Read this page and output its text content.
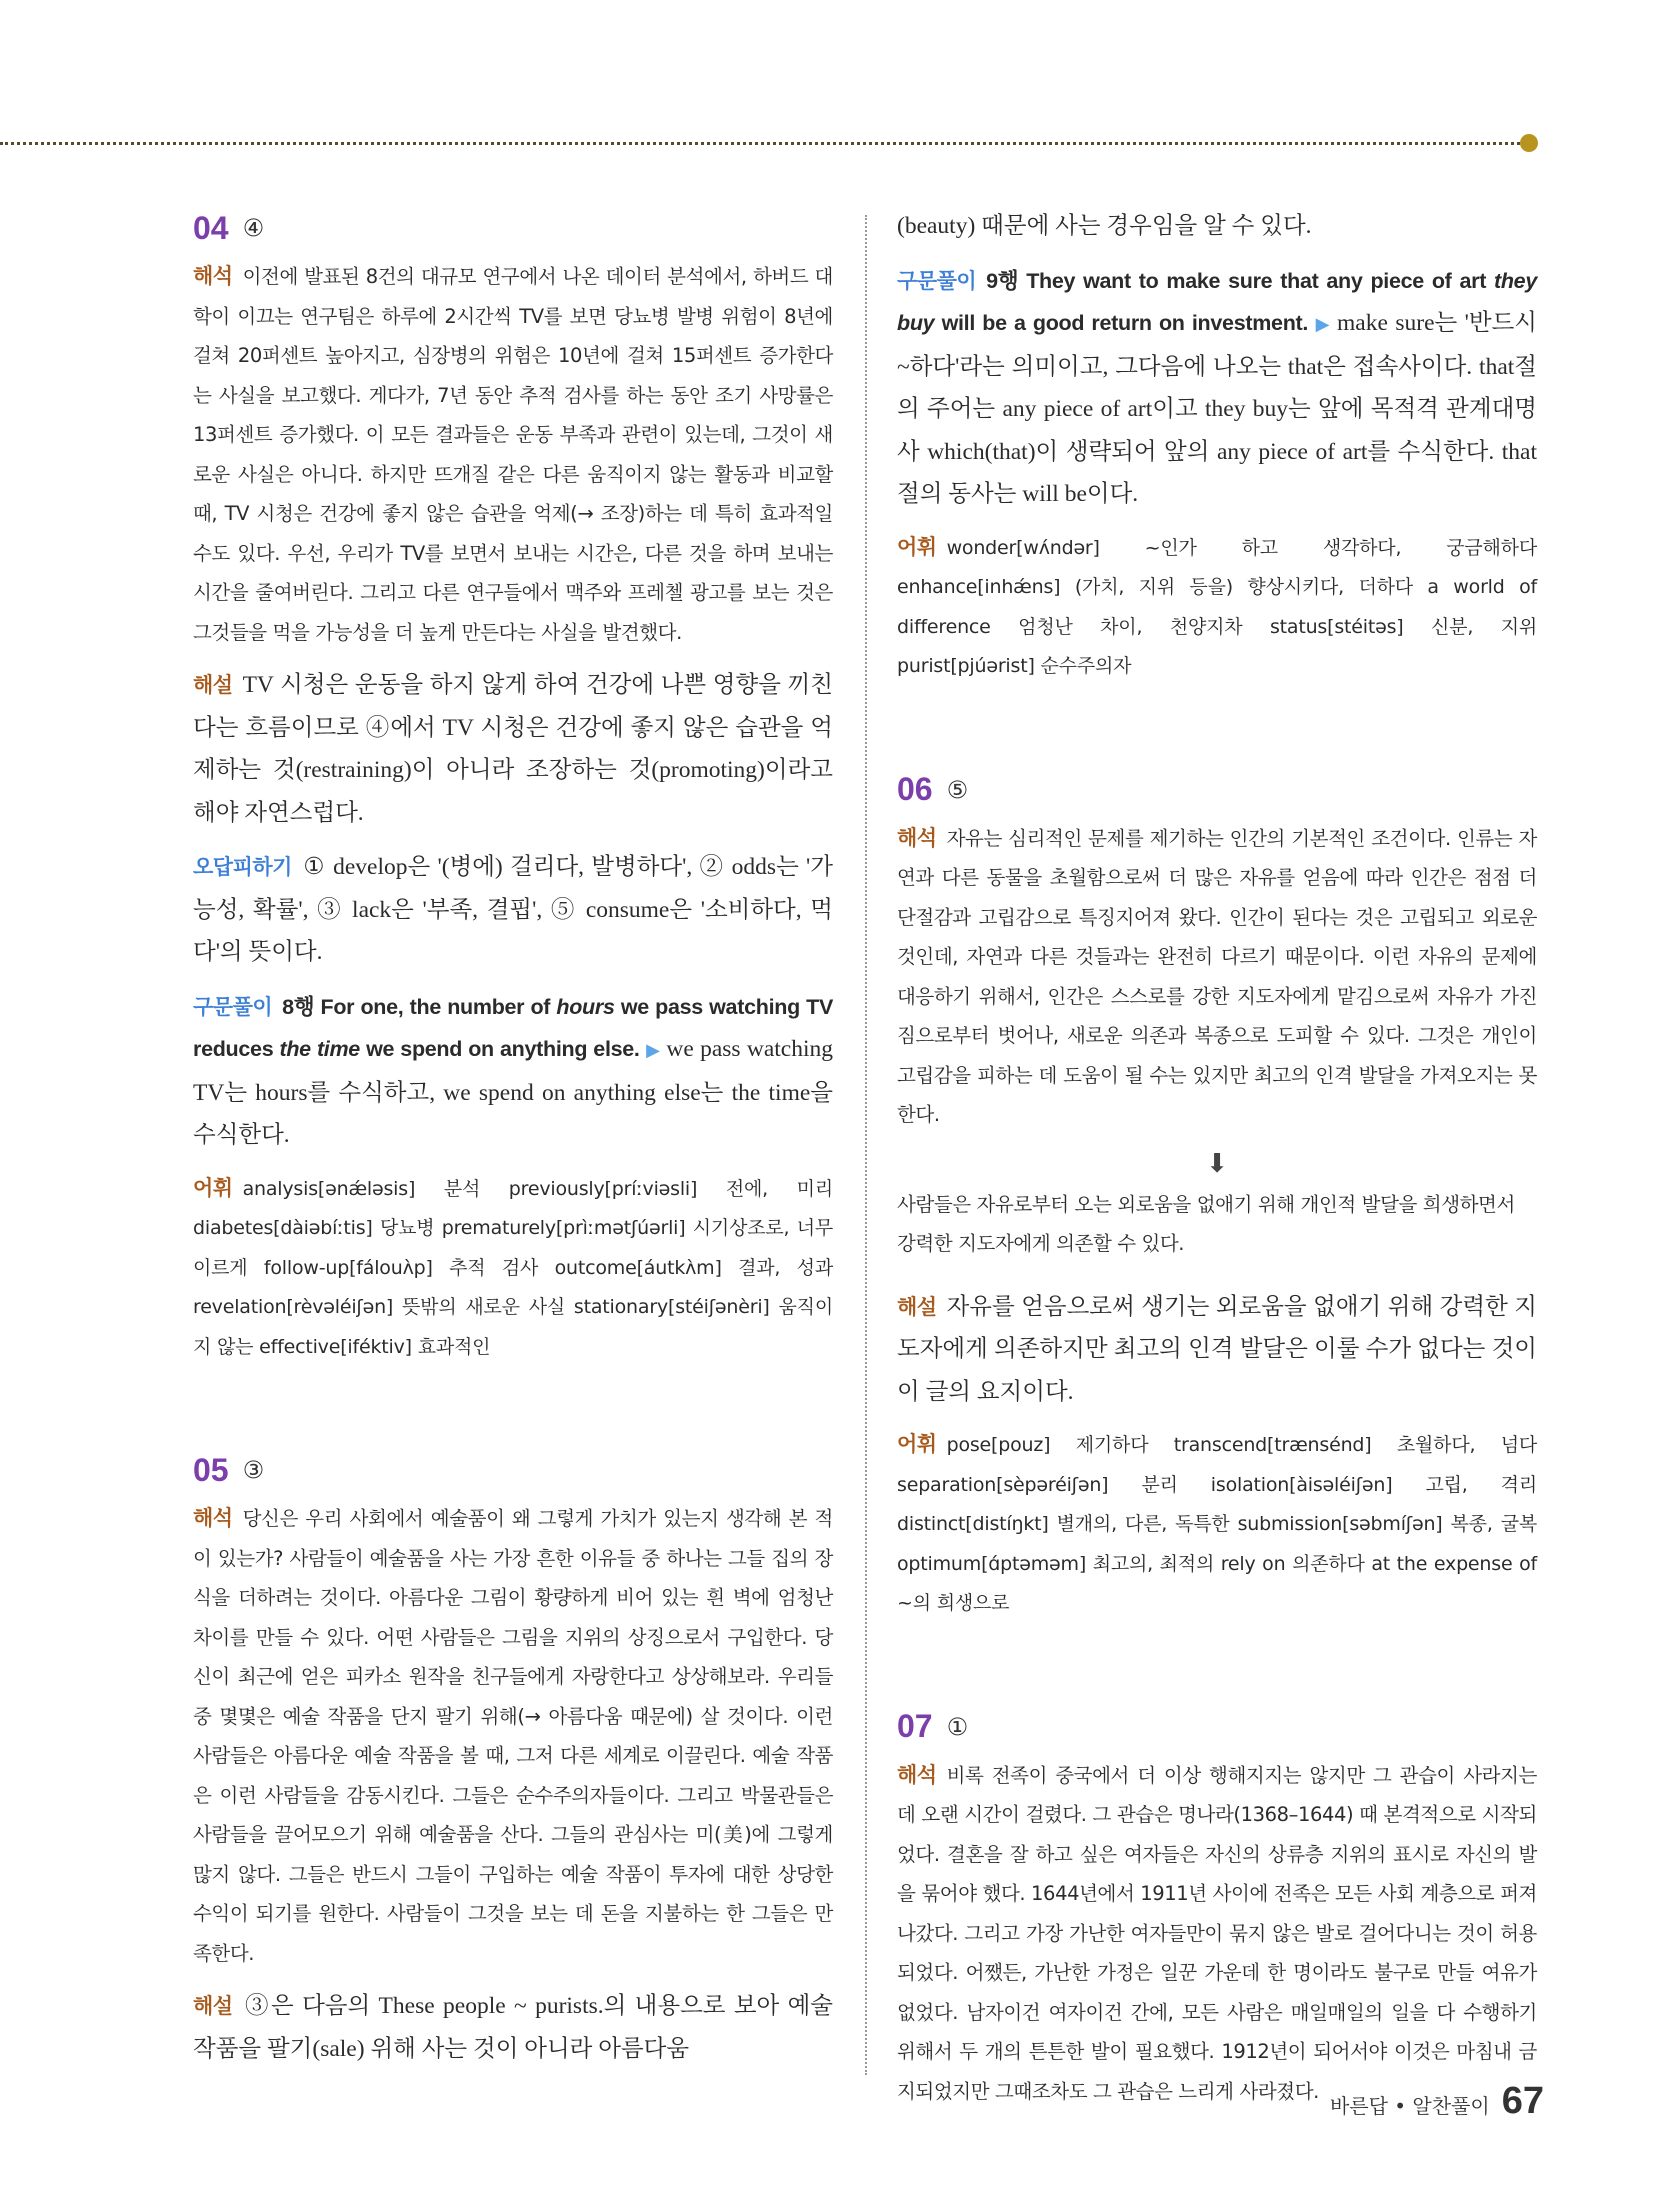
04 ④

해석 이전에 발표된 8건의 대규모 연구에서 나온 데이터 분석에서, 하버드 대학이 이끄는 연구팀은 하루에 2시간씩 TV를 보면 당뇨병 발병 위험이 8년에 걸쳐 20퍼센트 높아지고, 심장병의 위험은 10년에 걸쳐 15퍼센트 증가한다는 사실을 보고했다. 게다가, 7년 동안 추적 검사를 하는 동안 조기 사망률은 13퍼센트 증가했다. 이 모든 결과들은 운동 부족과 관련이 있는데, 그것이 새로운 사실은 아니다. 하지만 뜨개질 같은 다른 움직이지 않는 활동과 비교할 때, TV 시청은 건강에 좋지 않은 습관을 억제(→ 조장)하는 데 특히 효과적일 수도 있다. 우선, 우리가 TV를 보면서 보내는 시간은, 다른 것을 하며 보내는 시간을 줄여버린다. 그리고 다른 연구들에서 맥주와 프레첼 광고를 보는 것은 그것들을 먹을 가능성을 더 높게 만든다는 사실을 발견했다.

해설 TV 시청은 운동을 하지 않게 하여 건강에 나쁜 영향을 끼친다는 흐름이므로 ④에서 TV 시청은 건강에 좋지 않은 습관을 억제하는 것(restraining)이 아니라 조장하는 것(promoting)이라고 해야 자연스럽다.

오답피하기 ① develop은 '(병에) 걸리다, 발병하다', ② odds는 '가능성, 확률', ③ lack은 '부족, 결핍', ⑤ consume은 '소비하다, 먹다'의 뜻이다.

구문풀이 8행 For one, the number of hours we pass watching TV reduces the time we spend on anything else. ▶ we pass watching TV는 hours를 수식하고, we spend on anything else는 the time을 수식한다.

어휘 analysis[ənǽləsis] 분석 previously[príːviəsli] 전에, 미리 diabetes[dàiəbíːtis] 당뇨병 prematurely[prìːmətʃúərli] 시기상조로, 너무 이르게 follow-up[fálouʌ̀p] 추적 검사 outcome[áutkʌ̀m] 결과, 성과 revelation[rèvəléiʃən] 뜻밖의 새로운 사실 stationary[stéiʃənèri] 움직이지 않는 effective[iféktiv] 효과적인

05 ③

해석 당신은 우리 사회에서 예술품이 왜 그렇게 가치가 있는지 생각해 본 적이 있는가? 사람들이 예술품을 사는 가장 흔한 이유들 중 하나는 그들 집의 장식을 더하려는 것이다. 아름다운 그림이 황량하게 비어 있는 흰 벽에 엄청난 차이를 만들 수 있다. 어떤 사람들은 그림을 지위의 상징으로서 구입한다. 당신이 최근에 얻은 피카소 원작을 친구들에게 자랑한다고 상상해보라. 우리들 중 몇몇은 예술 작품을 단지 팔기 위해(→ 아름다움 때문에) 살 것이다. 이런 사람들은 아름다운 예술 작품을 볼 때, 그저 다른 세계로 이끌린다. 예술 작품은 이런 사람들을 감동시킨다. 그들은 순수주의자들이다. 그리고 박물관들은 사람들을 끌어모으기 위해 예술품을 산다. 그들의 관심사는 미(美)에 그렇게 많지 않다. 그들은 반드시 그들이 구입하는 예술 작품이 투자에 대한 상당한 수익이 되기를 원한다. 사람들이 그것을 보는 데 돈을 지불하는 한 그들은 만족한다.

해설 ③은 다음의 These people ~ purists.의 내용으로 보아 예술 작품을 팔기(sale) 위해 사는 것이 아니라 아름다움

(beauty) 때문에 사는 경우임을 알 수 있다.

구문풀이 9행 They want to make sure that any piece of art they buy will be a good return on investment. ▶ make sure는 '반드시 ~하다'라는 의미이고, 그다음에 나오는 that은 접속사이다. that절의 주어는 any piece of art이고 they buy는 앞에 목적격 관계대명사 which(that)이 생략되어 앞의 any piece of art를 수식한다. that절의 동사는 will be이다.

어휘 wonder[wʌ́ndər] ~인가 하고 생각하다, 궁금해하다 enhance[inhǽns] (가치, 지위 등을) 향상시키다, 더하다 a world of difference 엄청난 차이, 천양지차 status[stéitəs] 신분, 지위 purist[pjúərist] 순수주의자

06 ⑤

해석 자유는 심리적인 문제를 제기하는 인간의 기본적인 조건이다. 인류는 자연과 다른 동물을 초월함으로써 더 많은 자유를 얻음에 따라 인간은 점점 더 단절감과 고립감으로 특징지어져 왔다. 인간이 된다는 것은 고립되고 외로운 것인데, 자연과 다른 것들과는 완전히 다르기 때문이다. 이런 자유의 문제에 대응하기 위해서, 인간은 스스로를 강한 지도자에게 맡김으로써 자유가 가진 짐으로부터 벗어나, 새로운 의존과 복종으로 도피할 수 있다. 그것은 개인이 고립감을 피하는 데 도움이 될 수는 있지만 최고의 인격 발달을 가져오지는 못한다.

⬇
사람들은 자유로부터 오는 외로움을 없애기 위해 개인적 발달을 희생하면서 강력한 지도자에게 의존할 수 있다.

해설 자유를 얻음으로써 생기는 외로움을 없애기 위해 강력한 지도자에게 의존하지만 최고의 인격 발달은 이룰 수가 없다는 것이 이 글의 요지이다.

어휘 pose[pouz] 제기하다 transcend[trænsénd] 초월하다, 넘다 separation[sèpəréiʃən] 분리 isolation[àisəléiʃən] 고립, 격리 distinct[distíŋkt] 별개의, 다른, 독특한 submission[səbmíʃən] 복종, 굴복 optimum[ɑ́ptəməm] 최고의, 최적의 rely on 의존하다 at the expense of ~의 희생으로

07 ①

해석 비록 전족이 중국에서 더 이상 행해지지는 않지만 그 관습이 사라지는 데 오랜 시간이 걸렸다. 그 관습은 명나라(1368–1644) 때 본격적으로 시작되었다. 결혼을 잘 하고 싶은 여자들은 자신의 상류층 지위의 표시로 자신의 발을 묶어야 했다. 1644년에서 1911년 사이에 전족은 모든 사회 계층으로 퍼져 나갔다. 그리고 가장 가난한 여자들만이 묶지 않은 발로 걸어다니는 것이 허용되었다. 어쨌든, 가난한 가정은 일꾼 가운데 한 명이라도 불구로 만들 여유가 없었다. 남자이건 여자이건 간에, 모든 사람은 매일매일의 일을 다 수행하기 위해서 두 개의 튼튼한 발이 필요했다. 1912년이 되어서야 이것은 마침내 금지되었지만 그때조차도 그 관습은 느리게 사라졌다.

바른답 • 알찬풀이 67
